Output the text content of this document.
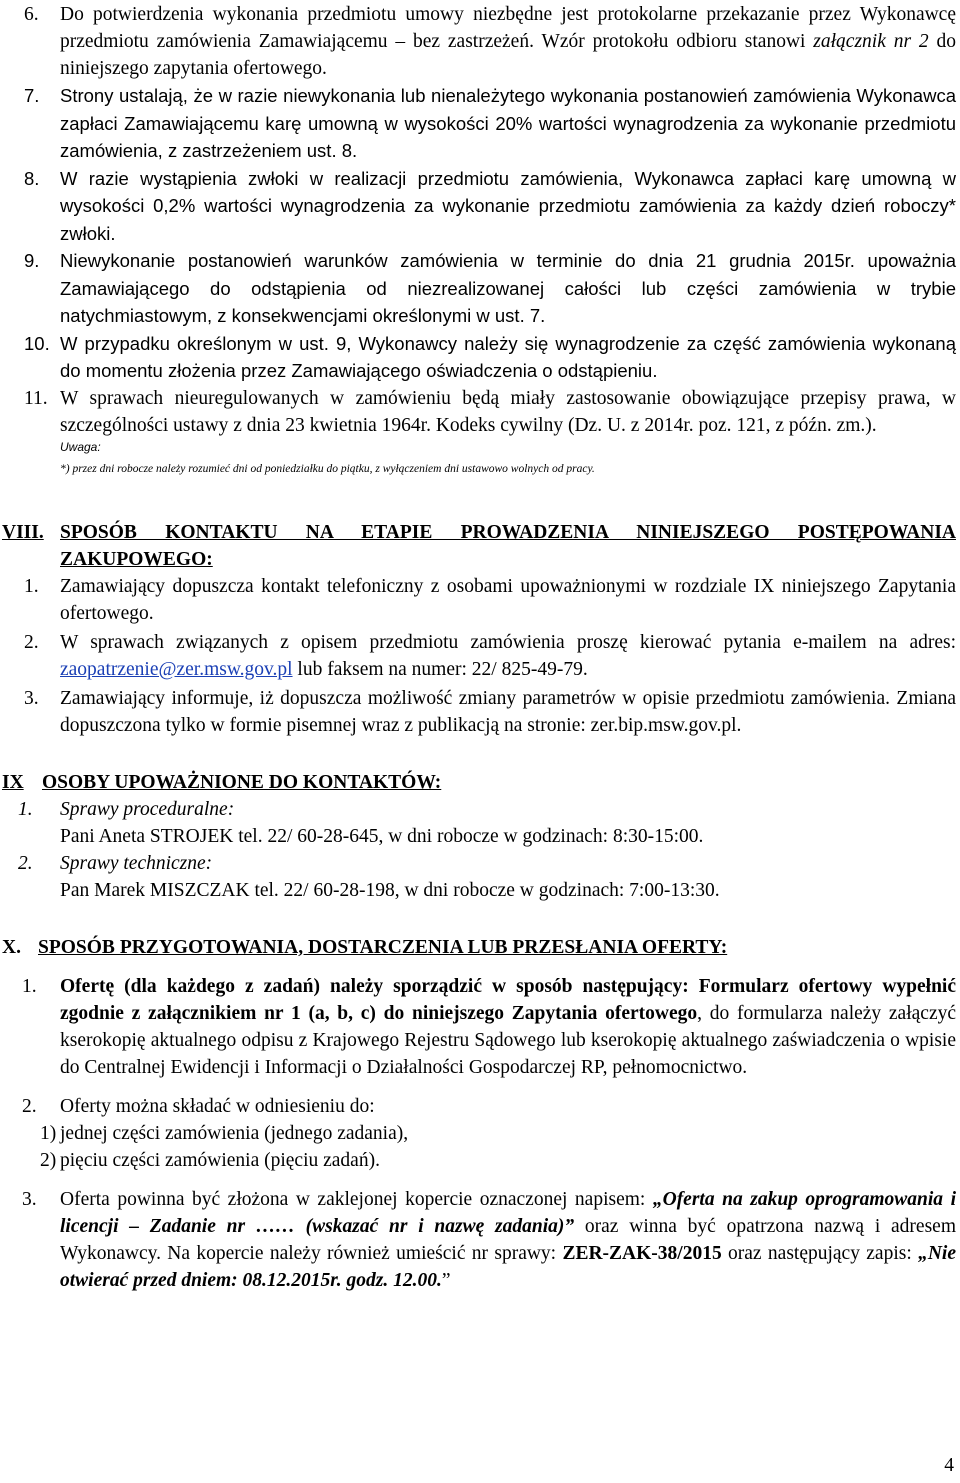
6. Do potwierdzenia wykonania przedmiotu umowy niezbędne jest protokolarne przekazanie przez Wykonawcę przedmiotu zamówienia Zamawiającemu – bez zastrzeżeń. Wzór protokołu odbioru stanowi załącznik nr 2 do niniejszego zapytania ofertowego.
7. Strony ustalają, że w razie niewykonania lub nienależytego wykonania postanowień zamówienia Wykonawca zapłaci Zamawiającemu karę umowną w wysokości 20% wartości wynagrodzenia za wykonanie przedmiotu zamówienia, z zastrzeżeniem ust. 8.
8. W razie wystąpienia zwłoki w realizacji przedmiotu zamówienia, Wykonawca zapłaci karę umowną w wysokości 0,2% wartości wynagrodzenia za wykonanie przedmiotu zamówienia za każdy dzień roboczy* zwłoki.
9. Niewykonanie postanowień warunków zamówienia w terminie do dnia 21 grudnia 2015r. upoważnia Zamawiającego do odstąpienia od niezrealizowanej całości lub części zamówienia w trybie natychmiastowym, z konsekwencjami określonymi w ust. 7.
10. W przypadku określonym w ust. 9, Wykonawcy należy się wynagrodzenie za część zamówienia wykonaną do momentu złożenia przez Zamawiającego oświadczenia o odstąpieniu.
11. W sprawach nieuregulowanych w zamówieniu będą miały zastosowanie obowiązujące przepisy prawa, w szczególności ustawy z dnia 23 kwietnia 1964r. Kodeks cywilny (Dz. U. z 2014r. poz. 121, z późn. zm.).
Uwaga:
*) przez dni robocze należy rozumieć dni od poniedziałku do piątku, z wyłączeniem dni ustawowo wolnych od pracy.
VIII. SPOSÓB KONTAKTU NA ETAPIE PROWADZENIA NINIEJSZEGO POSTĘPOWANIA ZAKUPOWEGO:
1. Zamawiający dopuszcza kontakt telefoniczny z osobami upoważnionymi w rozdziale IX niniejszego Zapytania ofertowego.
2. W sprawach związanych z opisem przedmiotu zamówienia proszę kierować pytania e-mailem na adres: zaopatrzenie@zer.msw.gov.pl lub faksem na numer: 22/ 825-49-79.
3. Zamawiający informuje, iż dopuszcza możliwość zmiany parametrów w opisie przedmiotu zamówienia. Zmiana dopuszczona tylko w formie pisemnej wraz z publikacją na stronie: zer.bip.msw.gov.pl.
IX OSOBY UPOWAŻNIONE DO KONTAKTÓW:
1. Sprawy proceduralne:
Pani Aneta STROJEK tel. 22/ 60-28-645, w dni robocze w godzinach: 8:30-15:00.
2. Sprawy techniczne:
Pan Marek MISZCZAK tel. 22/ 60-28-198, w dni robocze w godzinach: 7:00-13:30.
X. SPOSÓB PRZYGOTOWANIA, DOSTARCZENIA LUB PRZESŁANIA OFERTY:
1. Ofertę (dla każdego z zadań) należy sporządzić w sposób następujący: Formularz ofertowy wypełnić zgodnie z załącznikiem nr 1 (a, b, c) do niniejszego Zapytania ofertowego, do formularza należy załączyć kserokopię aktualnego odpisu z Krajowego Rejestru Sądowego lub kserokopię aktualnego zaświadczenia o wpisie do Centralnej Ewidencji i Informacji o Działalności Gospodarczej RP, pełnomocnictwo.
2. Oferty można składać w odniesieniu do:
1) jednej części zamówienia (jednego zadania),
2) pięciu części zamówienia (pięciu zadań).
3. Oferta powinna być złożona w zaklejonej kopercie oznaczonej napisem: „Oferta na zakup oprogramowania i licencji – Zadanie nr …… (wskazać nr i nazwę zadania)” oraz winna być opatrzona nazwą i adresem Wykonawcy. Na kopercie należy również umieścić nr sprawy: ZER-ZAK-38/2015 oraz następujący zapis: „Nie otwierać przed dniem: 08.12.2015r. godz. 12.00.”
4
